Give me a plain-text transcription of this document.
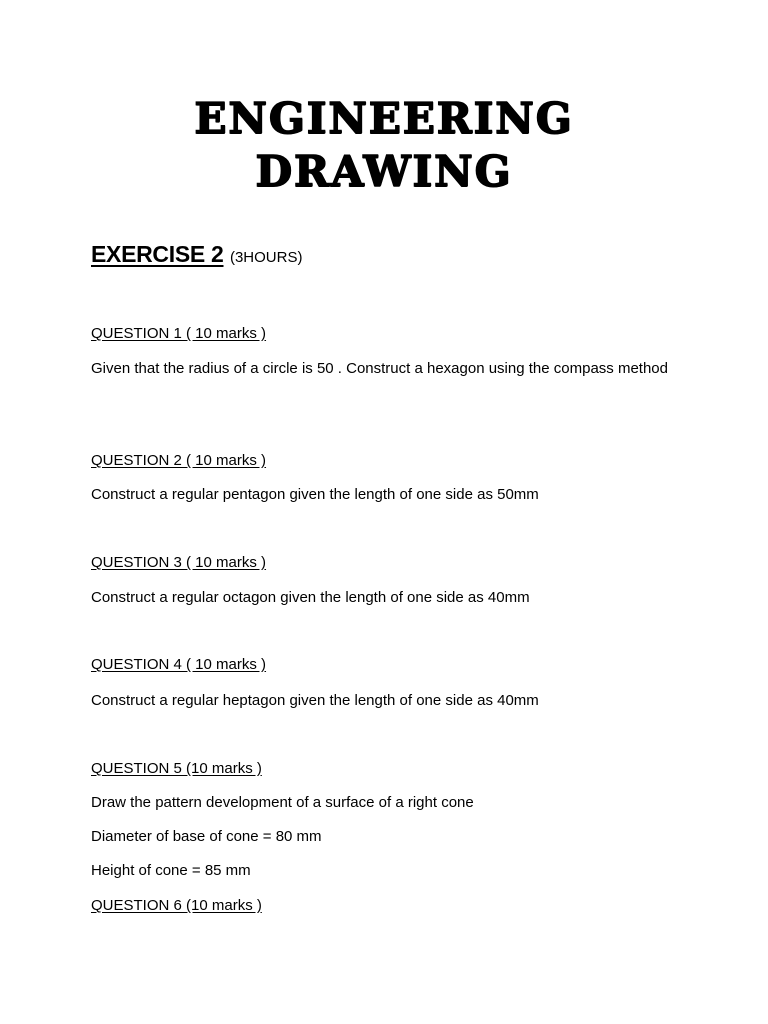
ENGINEERING
DRAWING
EXERCISE 2 (3HOURS)
QUESTION 1 ( 10 marks )
Given that the radius of a circle is 50 . Construct a hexagon using the compass method
QUESTION 2 ( 10 marks )
Construct a regular pentagon given the length of one side as 50mm
QUESTION 3 ( 10 marks )
Construct a regular octagon given the length of one side as 40mm
QUESTION 4 ( 10 marks )
Construct a regular heptagon given the length of one side as 40mm
QUESTION 5 (10 marks )
Draw the pattern development of a surface of a right cone
Diameter of base of cone = 80 mm
Height of cone = 85 mm
QUESTION 6 (10 marks )
